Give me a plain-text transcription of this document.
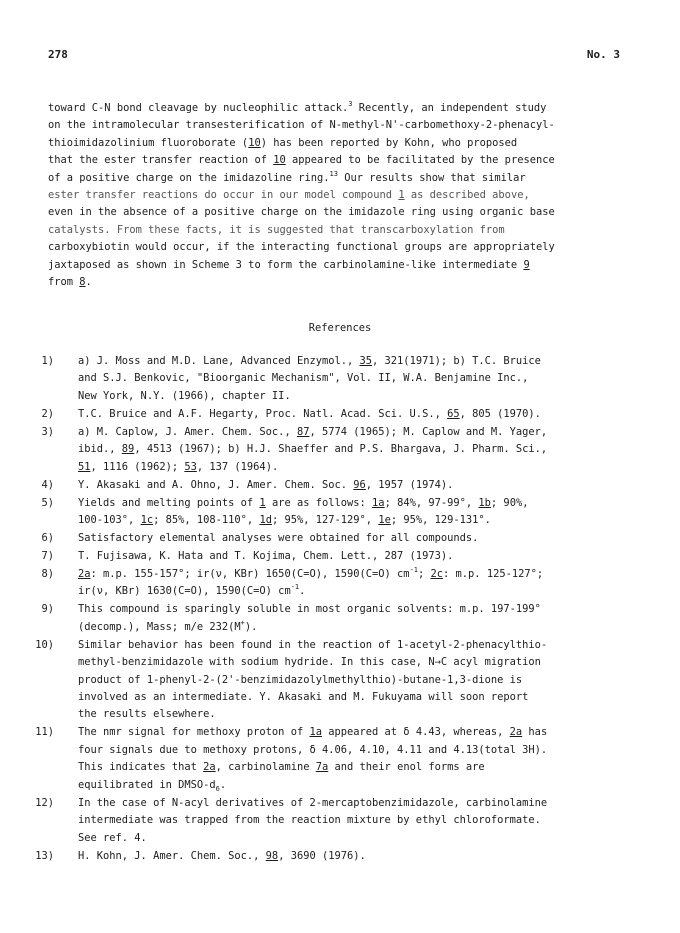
278	No. 3
toward C-N bond cleavage by nucleophilic attack.$^3$ Recently, an independent study
on the intramolecular transesterification of N-methyl-N'-carbomethoxy-2-phenacyl-
thioimidazolinium fluoroborate (10) has been reported by Kohn, who proposed
that the ester transfer reaction of 10 appeared to be facilitated by the presence
of a positive charge on the imidazoline ring.$^{13}$ Our results show that similar
ester transfer reactions do occur in our model compound 1 as described above,
even in the absence of a positive charge on the imidazole ring using organic base
catalysts. From these facts, it is suggested that transcarboxylation from
carboxybiotin would occur, if the interacting functional groups are appropriately
jaxtaposed as shown in Scheme 3 to form the carbinolamine-like intermediate 9
from 8.
References
1) a) J. Moss and M.D. Lane, Advanced Enzymol., 35, 321(1971); b) T.C. Bruice
and S.J. Benkovic, "Bioorganic Mechanism", Vol. II, W.A. Benjamine Inc.,
New York, N.Y. (1966), chapter II.
2) T.C. Bruice and A.F. Hegarty, Proc. Natl. Acad. Sci. U.S., 65, 805 (1970).
3) a) M. Caplow, J. Amer. Chem. Soc., 87, 5774 (1965); M. Caplow and M. Yager,
ibid., 89, 4513 (1967); b) H.J. Shaeffer and P.S. Bhargava, J. Pharm. Sci.,
51, 1116 (1962); 53, 137 (1964).
4) Y. Akasaki and A. Ohno, J. Amer. Chem. Soc. 96, 1957 (1974).
5) Yields and melting points of 1 are as follows: 1a; 84%, 97-99°, 1b; 90%,
100-103°, 1c; 85%, 108-110°, 1d; 95%, 127-129°, 1e; 95%, 129-131°.
6) Satisfactory elemental analyses were obtained for all compounds.
7) T. Fujisawa, K. Hata and T. Kojima, Chem. Lett., 287 (1973).
8) 2a: m.p. 155-157°; ir(ν, KBr) 1650(C=O), 1590(C=O) $cm^{-1}$; 2c: m.p. 125-127°;
ir(ν, KBr) 1630(C=O), 1590(C=O) $cm^{-1}$.
9) This compound is sparingly soluble in most organic solvents: m.p. 197-199°
(decomp.), Mass; m/e 232(M+).
10) Similar behavior has been found in the reaction of 1-acetyl-2-phenacylthio-
methyl-benzimidazole with sodium hydride. In this case, N→C acyl migration
product of 1-phenyl-2-(2'-benzimidazolylmethylthio)-butane-1,3-dione is
involved as an intermediate. Y. Akasaki and M. Fukuyama will soon report
the results elsewhere.
11) The nmr signal for methoxy proton of 1a appeared at δ 4.43, whereas, 2a has
four signals due to methoxy protons, δ 4.06, 4.10, 4.11 and 4.13(total 3H).
This indicates that 2a, carbinolamine 7a and their enol forms are
equilibrated in DMSO-$d_6$.
12) In the case of N-acyl derivatives of 2-mercaptobenzimidazole, carbinolamine
intermediate was trapped from the reaction mixture by ethyl chloroformate.
See ref. 4.
13) H. Kohn, J. Amer. Chem. Soc., 98, 3690 (1976).
